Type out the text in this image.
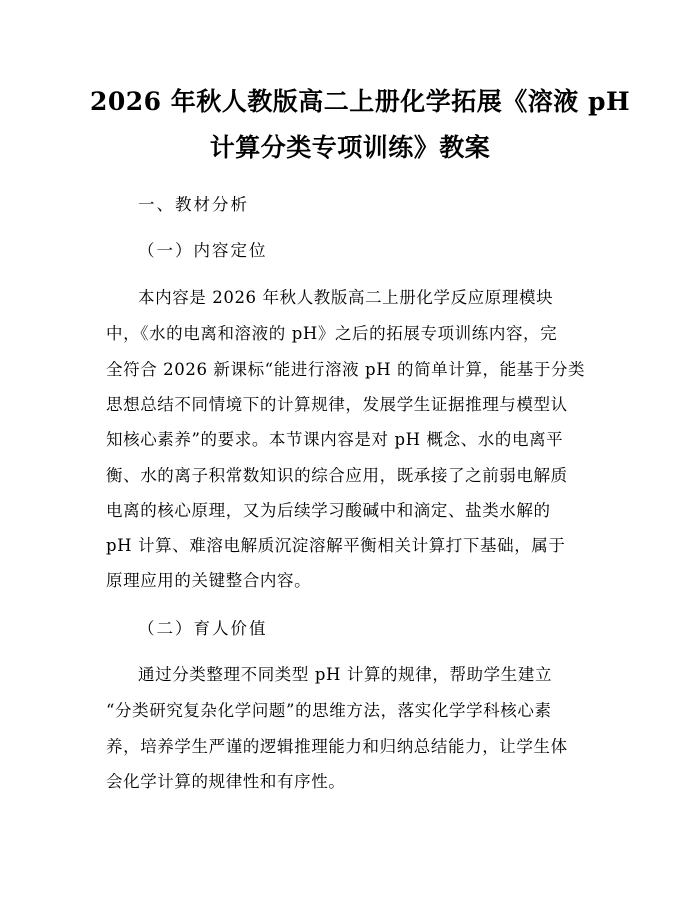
2026 年秋人教版高二上册化学拓展《溶液 pH
计算分类专项训练》教案
一、教材分析
（一）内容定位
本内容是 2026 年秋人教版高二上册化学反应原理模块
中，《水的电离和溶液的 pH》之后的拓展专项训练内容，完
全符合 2026 新课标“能进行溶液 pH 的简单计算，能基于分类
思想总结不同情境下的计算规律，发展学生证据推理与模型认
知核心素养”的要求。本节课内容是对 pH 概念、水的电离平
衡、水的离子积常数知识的综合应用，既承接了之前弱电解质
电离的核心原理，又为后续学习酸碱中和滴定、盐类水解的
pH 计算、难溶电解质沉淀溶解平衡相关计算打下基础，属于
原理应用的关键整合内容。
（二）育人价值
通过分类整理不同类型 pH 计算的规律，帮助学生建立
“分类研究复杂化学问题”的思维方法，落实化学学科核心素
养，培养学生严谨的逻辑推理能力和归纳总结能力，让学生体
会化学计算的规律性和有序性。
